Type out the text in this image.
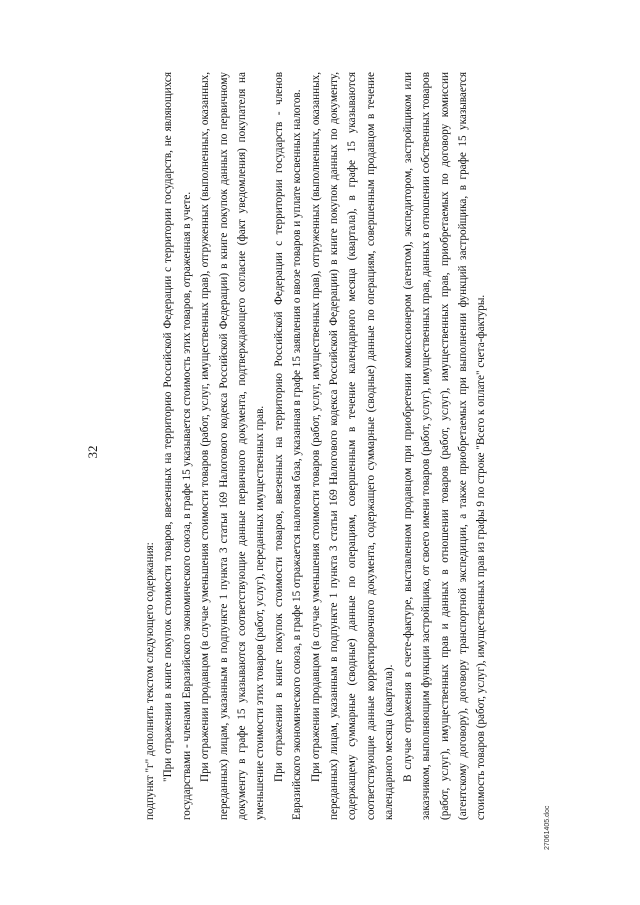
32

подпункт "г" дополнить текстом следующего содержания: "При отражении в книге покупок стоимости товаров, ввезенных на территорию Российской Федерации с территории государств, не являющихся государствами - членами Евразийского экономического союза, в графе 15 указывается стоимость этих товаров, отраженная в учете. При отражении продавцом (в случае уменьшения стоимости товаров (работ, услуг, имущественных прав), отгруженных (выполненных, оказанных, переданных) лицам, указанным в подпункте 1 пункта 3 статьи 169 Налогового кодекса Российской Федерации) в книге покупок данных по первичному документу в графе 15 указываются соответствующие данные первичного документа, подтверждающего согласие (факт уведомления) покупателя на уменьшение стоимости этих товаров (работ, услуг), переданных имущественных прав. При отражении в книге покупок стоимости товаров, ввезенных на территорию Российской Федерации с территории государств - членов Евразийского экономического союза, в графе 15 отражается налоговая база, указанная в графе 15 заявления о ввозе товаров и уплате косвенных налогов. При отражении продавцом (в случае уменьшения стоимости товаров (работ, услуг, имущественных прав), отгруженных (выполненных, оказанных, переданных) лицам, указанным в подпункте 1 пункта 3 статьи 169 Налогового кодекса Российской Федерации) в книге покупок данных по документу, содержащему суммарные (сводные) данные по операциям, совершенным в течение календарного месяца (квартала), в графе 15 указываются соответствующие данные корректировочного документа, содержащего суммарные (сводные) данные по операциям, совершенным продавцом в течение календарного месяца (квартала). В случае отражения в счете-фактуре, выставленном продавцом при приобретении комиссионером (агентом), экспедитором, застройщиком или заказчиком, выполняющим функции застройщика, от своего имени товаров (работ, услуг), имущественных прав, данных в отношении собственных товаров (работ, услуг), имущественных прав и данных в отношении товаров (работ, услуг), имущественных прав, приобретаемых по договору комиссии (агентскому договору), договору транспортной экспедиции, а также приобретаемых при выполнении функций застройщика, в графе 15 указывается стоимость товаров (работ, услуг), имущественных прав из графы 9 по строке "Всего к оплате" счета-фактуры.

27061405.doc
